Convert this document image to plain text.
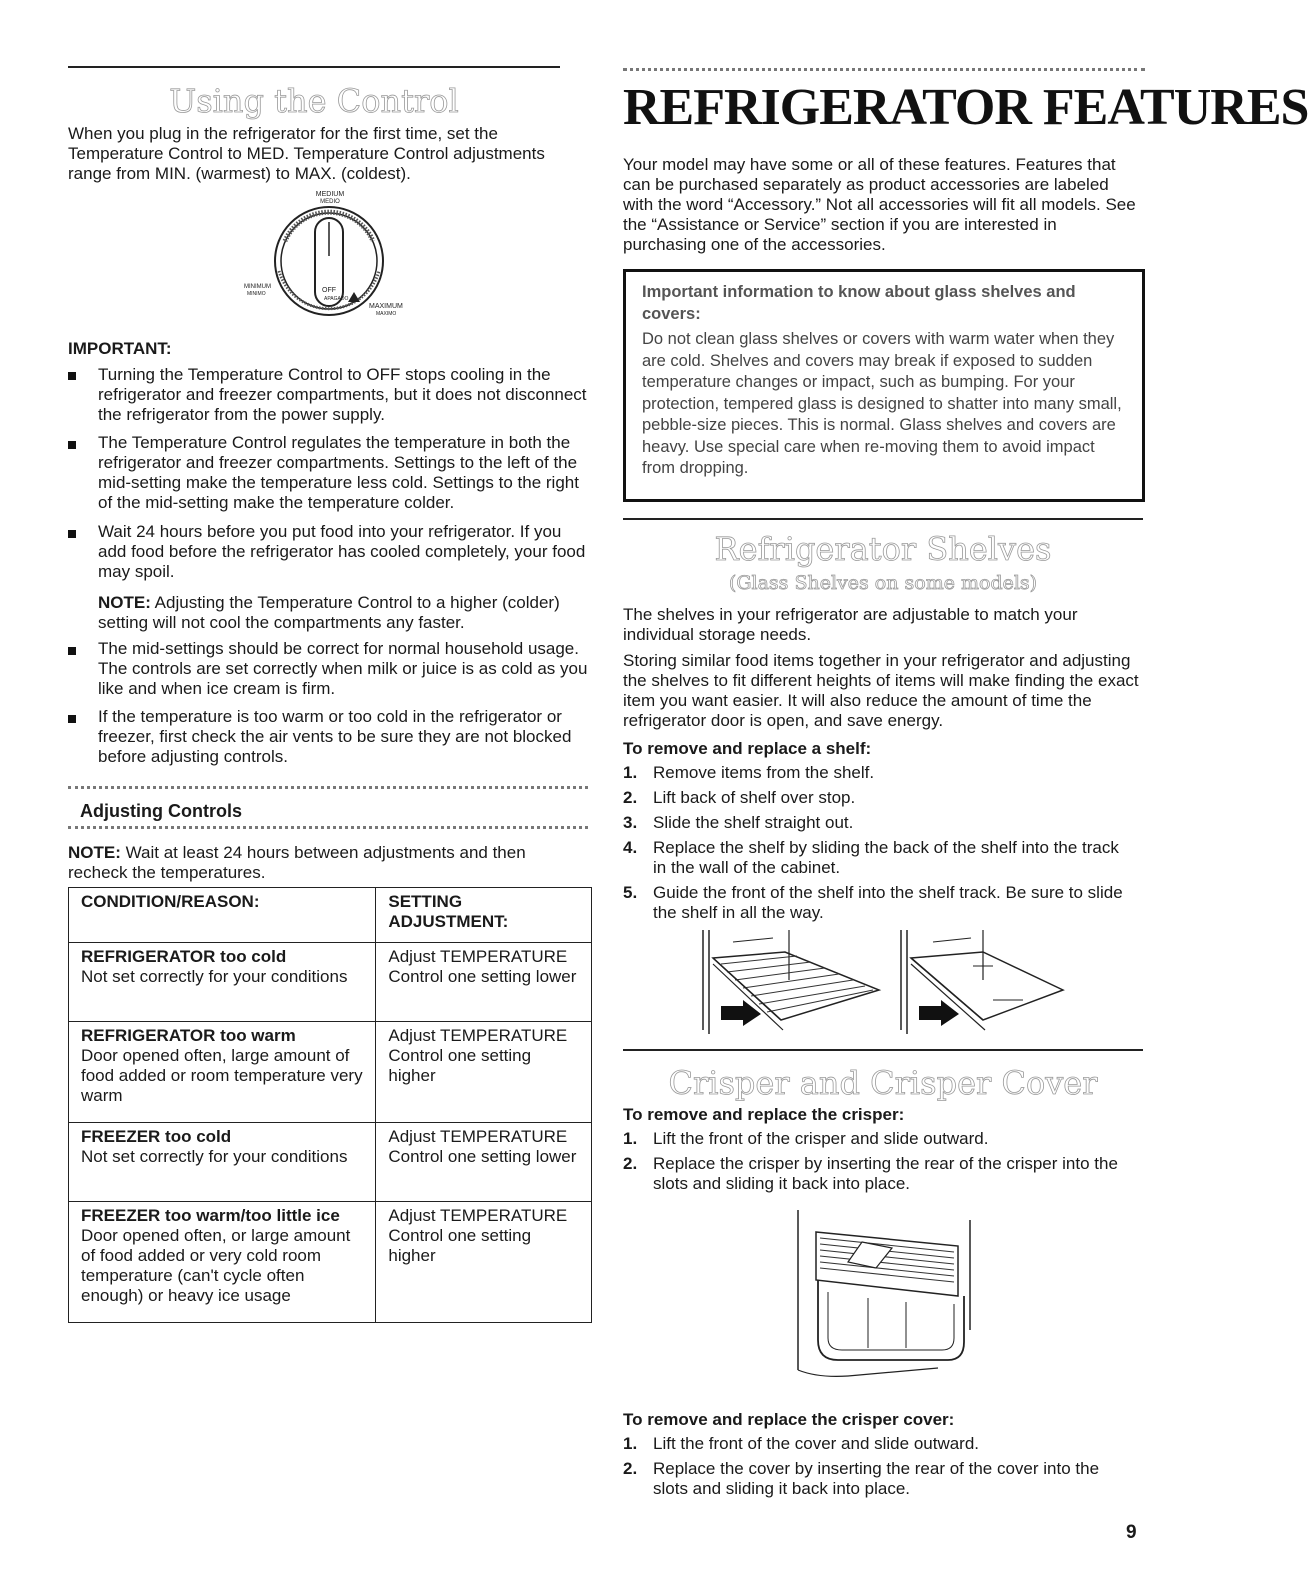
Using the Control

When you plug in the refrigerator for the first time, set the Temperature Control to MED. Temperature Control adjustments range from MIN. (warmest) to MAX. (coldest).

MEDIUM
MEDIO
OFF
APAGADO
MINIMUM
MINIMO
MAXIMUM
MAXIMO
IMPORTANT:

Turning the Temperature Control to OFF stops cooling in the refrigerator and freezer compartments, but it does not disconnect the refrigerator from the power supply.

The Temperature Control regulates the temperature in both the refrigerator and freezer compartments. Settings to the left of the mid-setting make the temperature less cold. Settings to the right of the mid-setting make the temperature colder.

Wait 24 hours before you put food into your refrigerator. If you add food before the refrigerator has cooled completely, your food may spoil.

NOTE: Adjusting the Temperature Control to a higher (colder) setting will not cool the compartments any faster.

The mid-settings should be correct for normal household usage. The controls are set correctly when milk or juice is as cold as you like and when ice cream is firm.

If the temperature is too warm or too cold in the refrigerator or freezer, first check the air vents to be sure they are not blocked before adjusting controls.

Adjusting Controls

NOTE: Wait at least 24 hours between adjustments and then recheck the temperatures.

CONDITION/REASON:	SETTING ADJUSTMENT:

REFRIGERATOR too cold
Not set correctly for your conditions	Adjust TEMPERATURE Control one setting lower

REFRIGERATOR too warm
Door opened often, large amount of food added or room temperature very warm	Adjust TEMPERATURE Control one setting higher

FREEZER too cold
Not set correctly for your conditions	Adjust TEMPERATURE Control one setting lower

FREEZER too warm/too little ice
Door opened often, or large amount of food added or very cold room temperature (can't cycle often enough) or heavy ice usage	Adjust TEMPERATURE Control one setting higher
REFRIGERATOR FEATURES

Your model may have some or all of these features. Features that can be purchased separately as product accessories are labeled with the word “Accessory.” Not all accessories will fit all models. See the “Assistance or Service” section if you are interested in purchasing one of the accessories.

Important information to know about glass shelves and covers:

Do not clean glass shelves or covers with warm water when they are cold. Shelves and covers may break if exposed to sudden temperature changes or impact, such as bumping. For your protection, tempered glass is designed to shatter into many small, pebble-size pieces. This is normal. Glass shelves and covers are heavy. Use special care when re-moving them to avoid impact from dropping.

Refrigerator Shelves
(Glass Shelves on some models)

The shelves in your refrigerator are adjustable to match your individual storage needs.

Storing similar food items together in your refrigerator and adjusting the shelves to fit different heights of items will make finding the exact item you want easier. It will also reduce the amount of time the refrigerator door is open, and save energy.

To remove and replace a shelf:
1. Remove items from the shelf.
2. Lift back of shelf over stop.
3. Slide the shelf straight out.
4. Replace the shelf by sliding the back of the shelf into the track in the wall of the cabinet.
5. Guide the front of the shelf into the shelf track. Be sure to slide the shelf in all the way.
Crisper and Crisper Cover
To remove and replace the crisper:
1. Lift the front of the crisper and slide outward.
2. Replace the crisper by inserting the rear of the crisper into the slots and sliding it back into place.
To remove and replace the crisper cover:
1. Lift the front of the cover and slide outward.
2. Replace the cover by inserting the rear of the cover into the slots and sliding it back into place.
9
